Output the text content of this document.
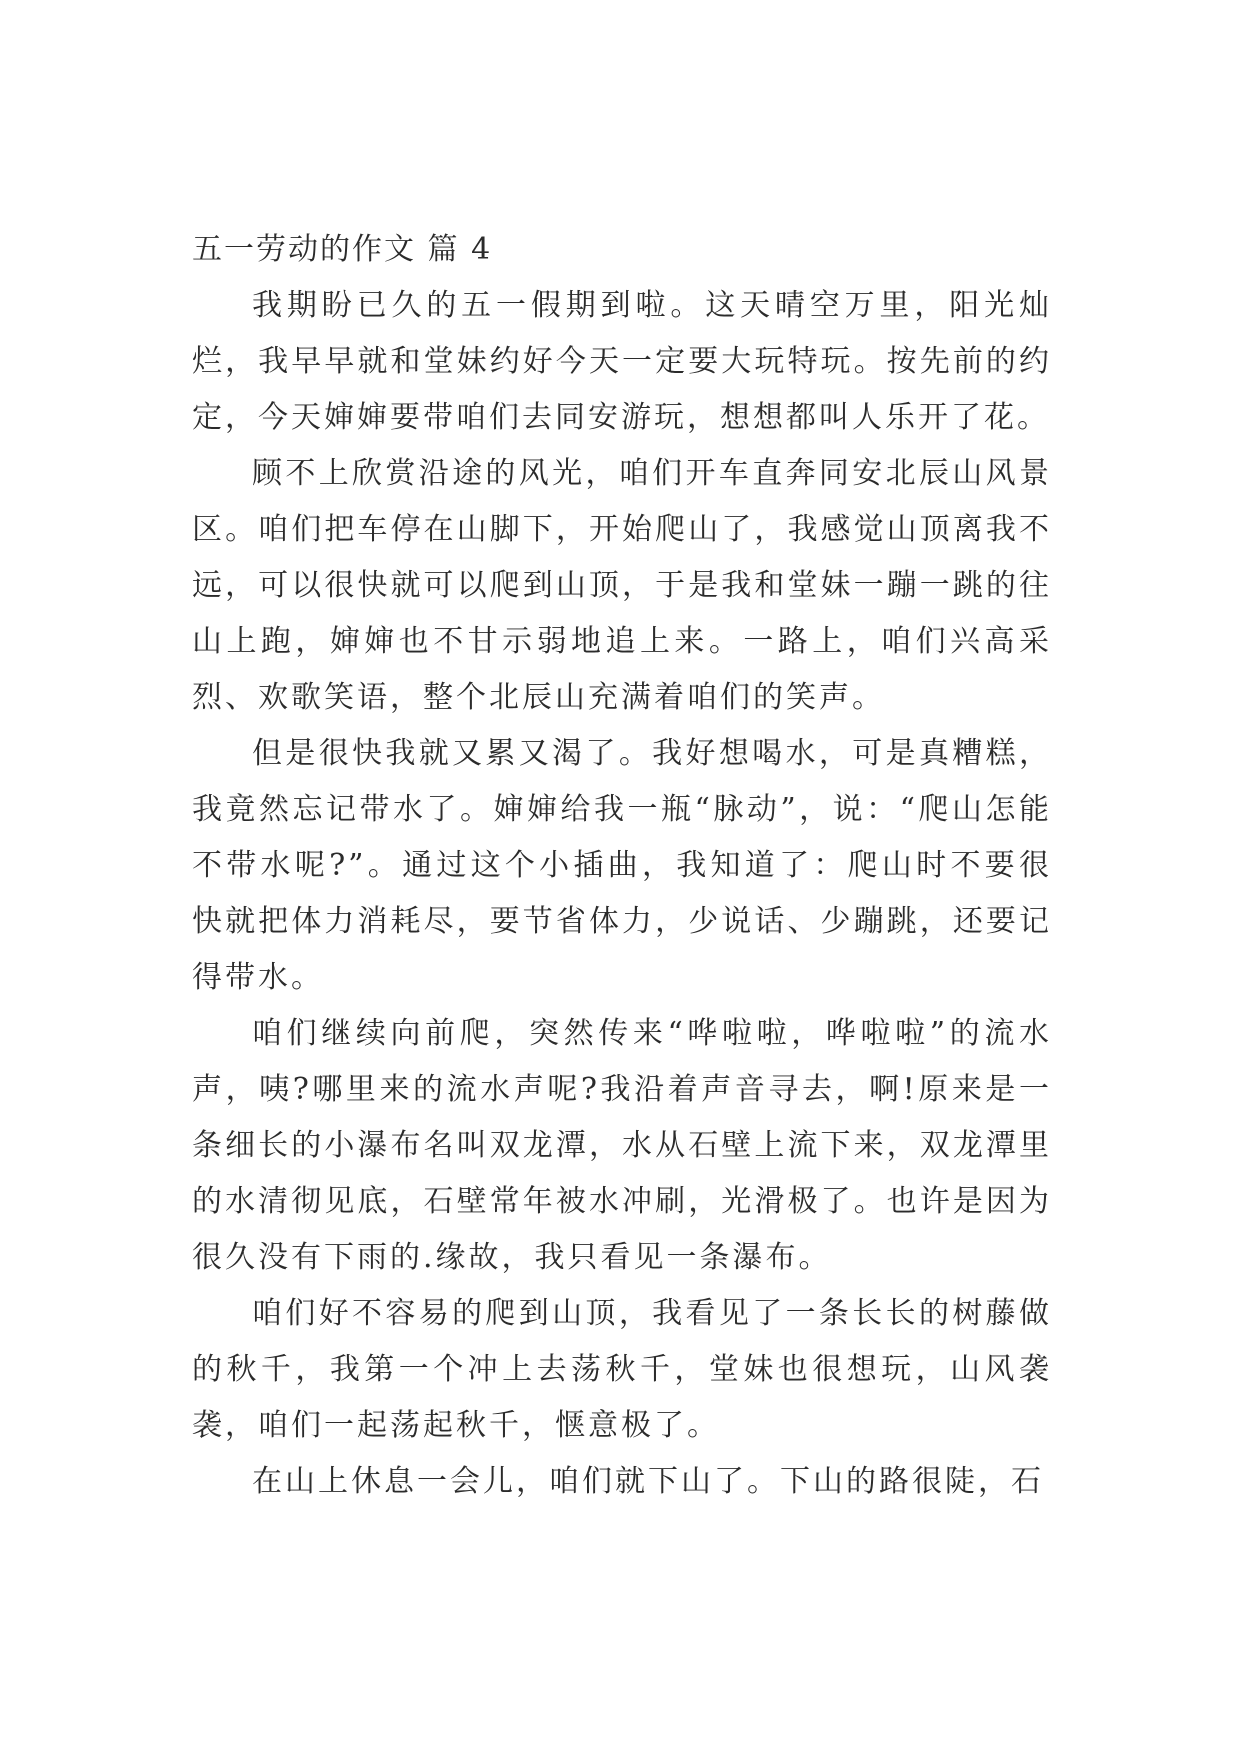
五一劳动的作文 篇 4

我期盼已久的五一假期到啦。这天晴空万里，阳光灿烂，我早早就和堂妹约好今天一定要大玩特玩。按先前的约定，今天婶婶要带咱们去同安游玩，想想都叫人乐开了花。

顾不上欣赏沿途的风光，咱们开车直奔同安北辰山风景区。咱们把车停在山脚下，开始爬山了，我感觉山顶离我不远，可以很快就可以爬到山顶，于是我和堂妹一蹦一跳的往山上跑，婶婶也不甘示弱地追上来。一路上，咱们兴高采烈、欢歌笑语，整个北辰山充满着咱们的笑声。

但是很快我就又累又渴了。我好想喝水，可是真糟糕，我竟然忘记带水了。婶婶给我一瓶“脉动”，说：“爬山怎能不带水呢?”。通过这个小插曲，我知道了：爬山时不要很快就把体力消耗尽，要节省体力，少说话、少蹦跳，还要记得带水。

咱们继续向前爬，突然传来“哗啦啦，哗啦啦”的流水声，咦?哪里来的流水声呢?我沿着声音寻去，啊!原来是一条细长的小瀑布名叫双龙潭，水从石壁上流下来，双龙潭里的水清彻见底，石壁常年被水冲刷，光滑极了。也许是因为很久没有下雨的.缘故，我只看见一条瀑布。

咱们好不容易的爬到山顶，我看见了一条长长的树藤做的秋千，我第一个冲上去荡秋千，堂妹也很想玩，山风袭袭，咱们一起荡起秋千，惬意极了。

在山上休息一会儿，咱们就下山了。下山的路很陡，石
